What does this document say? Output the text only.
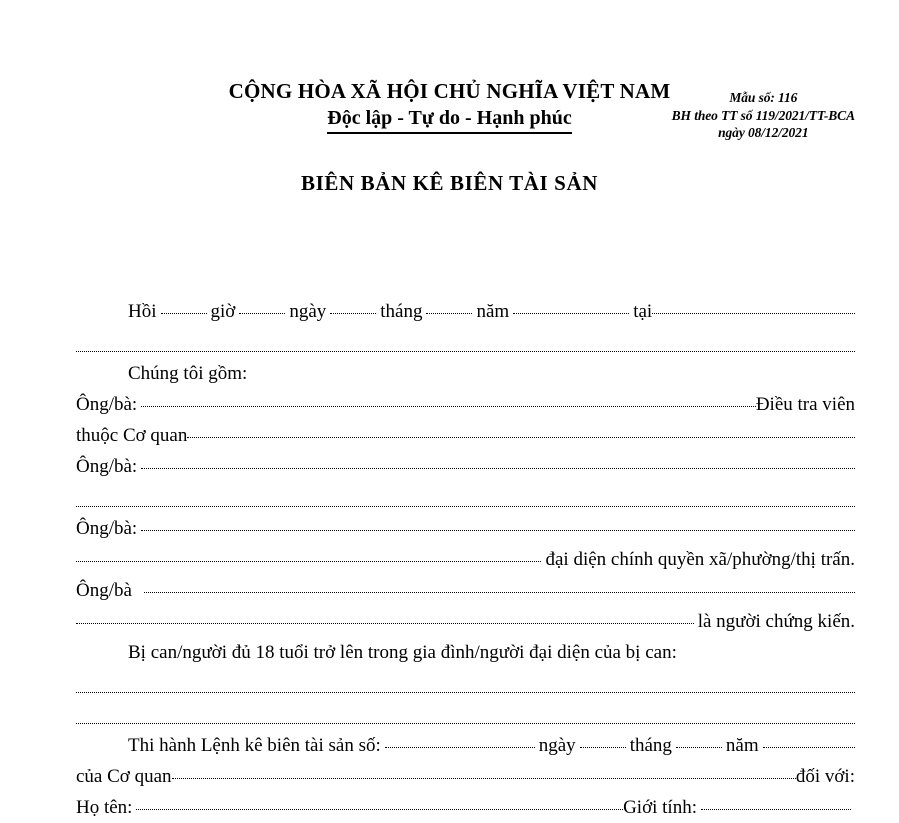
Mẫu số: 116
BH theo TT số 119/2021/TT-BCA
ngày 08/12/2021
CỘNG HÒA XÃ HỘI CHỦ NGHĨA VIỆT NAM
Độc lập - Tự do - Hạnh phúc
BIÊN BẢN KÊ BIÊN TÀI SẢN
Hồi	giờ	ngày	tháng	năm	tại
Chúng tôi gồm:
Ông/bà:	Điều tra viên
thuộc Cơ quan
Ông/bà:
Ông/bà:
đại diện chính quyền xã/phường/thị trấn.
Ông/bà
là người chứng kiến.
Bị can/người đủ 18 tuổi trở lên trong gia đình/người đại diện của bị can:
Thi hành Lệnh kê biên tài sản số:	ngày	tháng	năm
của Cơ quan	đối với:
Họ tên:	Giới tính:
